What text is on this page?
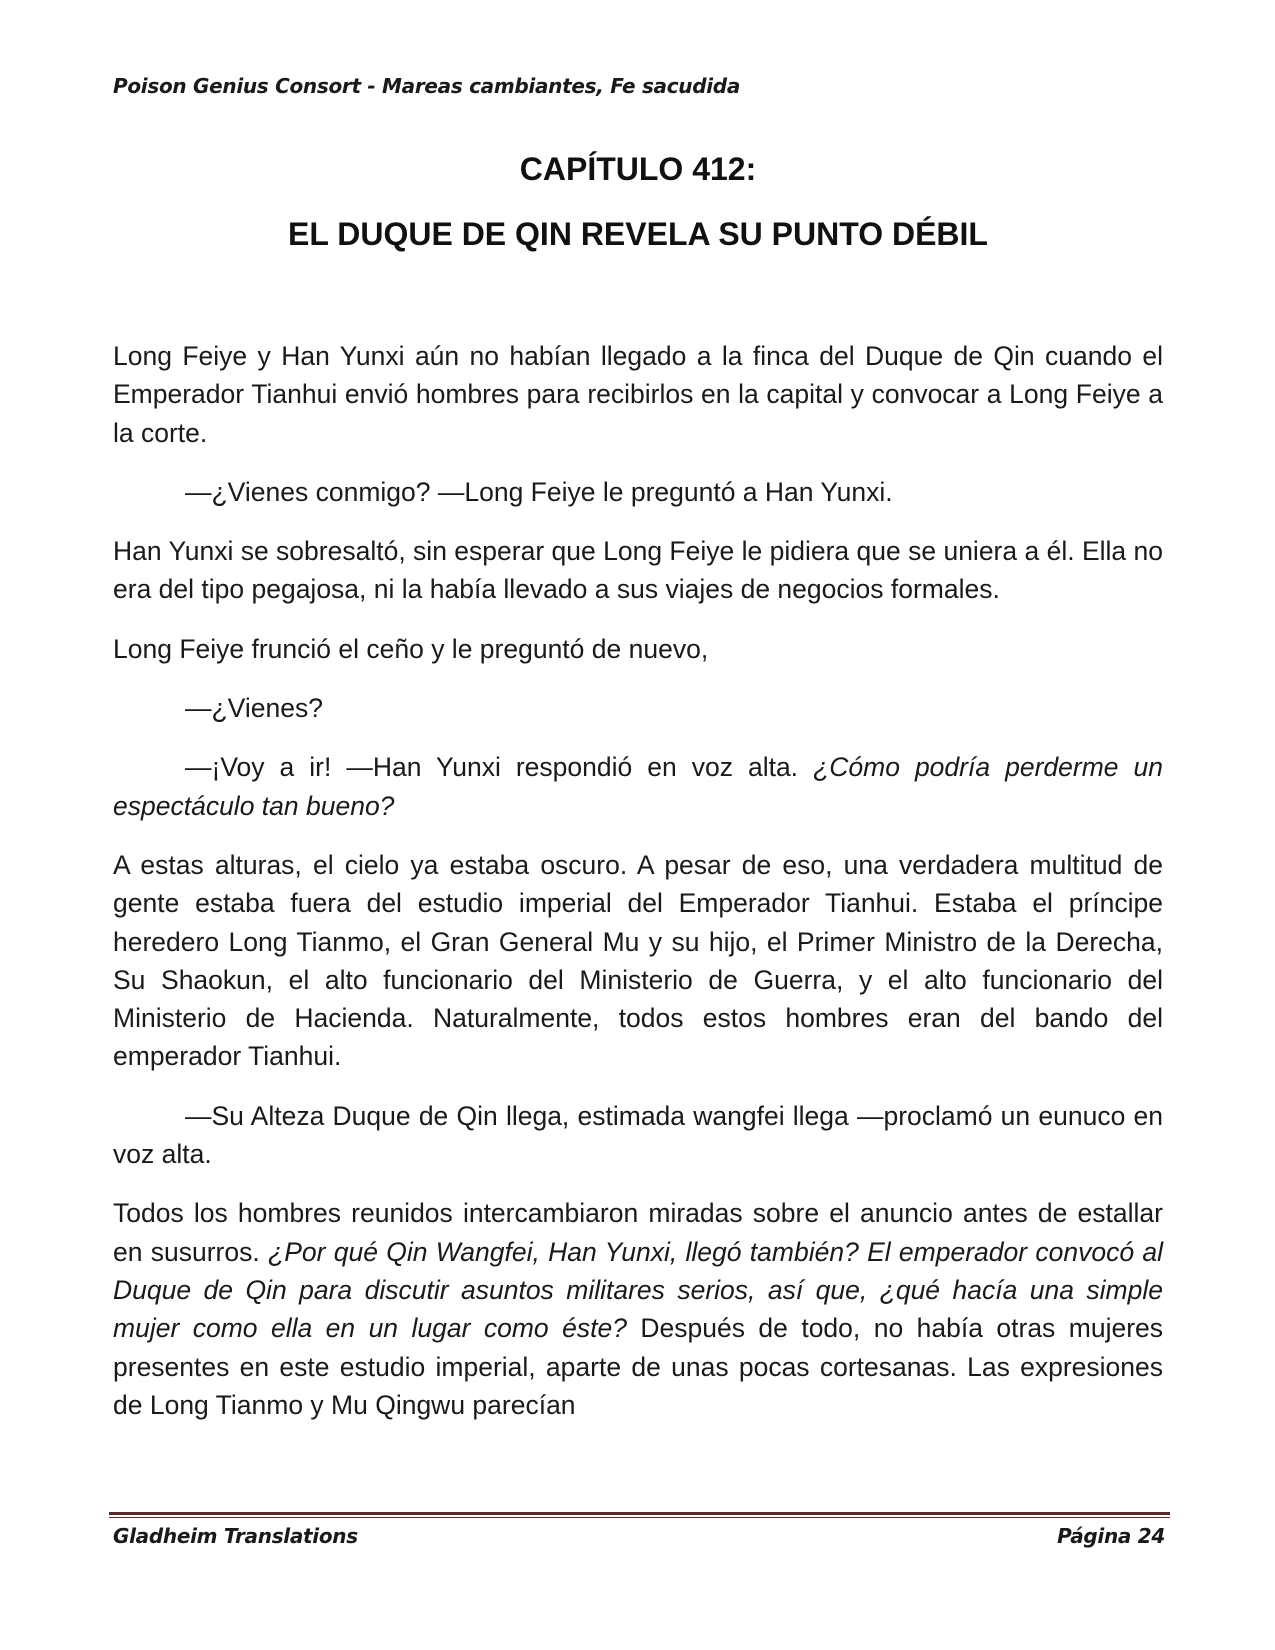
Poison Genius Consort - Mareas cambiantes, Fe sacudida
CAPÍTULO 412:
EL DUQUE DE QIN REVELA SU PUNTO DÉBIL

Long Feiye y Han Yunxi aún no habían llegado a la finca del Duque de Qin cuando el Emperador Tianhui envió hombres para recibirlos en la capital y convocar a Long Feiye a la corte.

—¿Vienes conmigo? —Long Feiye le preguntó a Han Yunxi.

Han Yunxi se sobresaltó, sin esperar que Long Feiye le pidiera que se uniera a él. Ella no era del tipo pegajosa, ni la había llevado a sus viajes de negocios formales.

Long Feiye frunció el ceño y le preguntó de nuevo,

—¿Vienes?

—¡Voy a ir! —Han Yunxi respondió en voz alta. ¿Cómo podría perderme un espectáculo tan bueno?

A estas alturas, el cielo ya estaba oscuro. A pesar de eso, una verdadera multitud de gente estaba fuera del estudio imperial del Emperador Tianhui. Estaba el príncipe heredero Long Tianmo, el Gran General Mu y su hijo, el Primer Ministro de la Derecha, Su Shaokun, el alto funcionario del Ministerio de Guerra, y el alto funcionario del Ministerio de Hacienda. Naturalmente, todos estos hombres eran del bando del emperador Tianhui.

—Su Alteza Duque de Qin llega, estimada wangfei llega —proclamó un eunuco en voz alta.

Todos los hombres reunidos intercambiaron miradas sobre el anuncio antes de estallar en susurros. ¿Por qué Qin Wangfei, Han Yunxi, llegó también? El emperador convocó al Duque de Qin para discutir asuntos militares serios, así que, ¿qué hacía una simple mujer como ella en un lugar como éste? Después de todo, no había otras mujeres presentes en este estudio imperial, aparte de unas pocas cortesanas. Las expresiones de Long Tianmo y Mu Qingwu parecían

Gladheim Translations	Página 24
